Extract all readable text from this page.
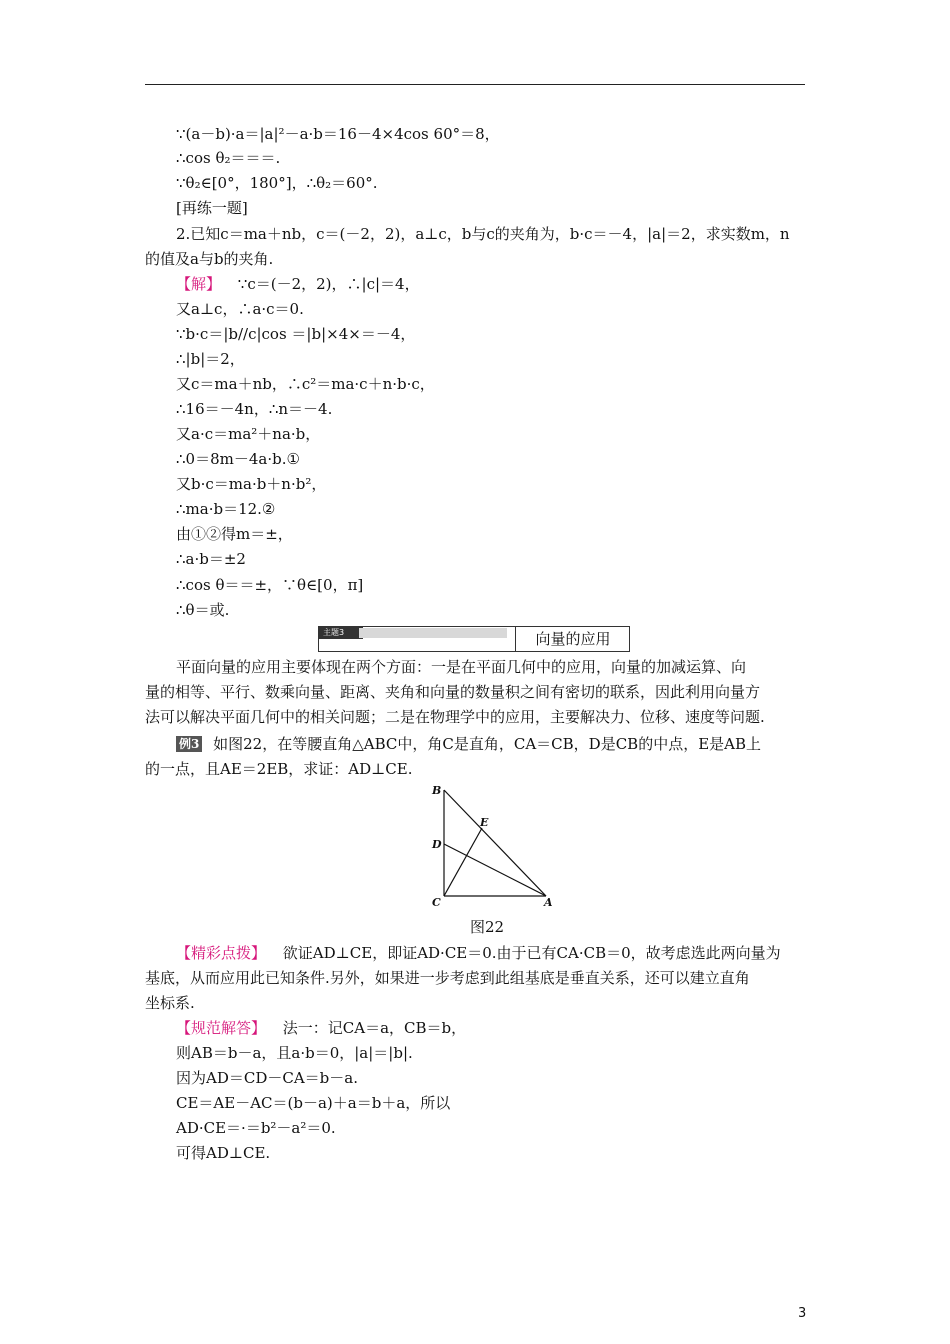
∵(a－b)·a＝|a|²－a·b＝16－4×4cos 60°＝8，
∴cos θ₂＝＝＝.
∵θ₂∈[0°，180°]，∴θ₂＝60°.
[再练一题]
2.已知c＝ma＋nb，c＝(－2，2)，a⊥c，b与c的夹角为，b·c＝－4，|a|＝2，求实数m，n
的值及a与b的夹角.
【解】 ∵c＝(－2，2)，∴|c|＝4，
又a⊥c，∴a·c＝0.
∵b·c＝|b//c|cos ＝|b|×4×＝－4，
∴|b|＝2，
又c＝ma＋nb，∴c²＝ma·c＋n·b·c，
∴16＝－4n，∴n＝－4.
又a·c＝ma²＋na·b，
∴0＝8m－4a·b.①
又b·c＝ma·b＋n·b²，
∴ma·b＝12.②
由①②得m＝±，
∴a·b＝±2
∴cos θ＝＝±，∵θ∈[0，π]
∴θ＝或.
主题3	向量的应用
平面向量的应用主要体现在两个方面：一是在平面几何中的应用，向量的加减运算、向
量的相等、平行、数乘向量、距离、夹角和向量的数量积之间有密切的联系，因此利用向量方
法可以解决平面几何中的相关问题；二是在物理学中的应用，主要解决力、位移、速度等问题.
例3 如图22，在等腰直角△ABC中，角C是直角，CA＝CB，D是CB的中点，E是AB上
的一点，且AE＝2EB，求证：AD⊥CE.
B
E
D
C	A
图22
【精彩点拨】 欲证AD⊥CE，即证AD·CE＝0.由于已有CA·CB＝0，故考虑选此两向量为
基底，从而应用此已知条件.另外，如果进一步考虑到此组基底是垂直关系，还可以建立直角
坐标系.
【规范解答】 法一：记CA＝a，CB＝b，
则AB＝b－a，且a·b＝0，|a|＝|b|.
因为AD＝CD－CA＝b－a.
CE＝AE－AC＝(b－a)＋a＝b＋a，所以
AD·CE＝·＝b²－a²＝0.
可得AD⊥CE.
3
